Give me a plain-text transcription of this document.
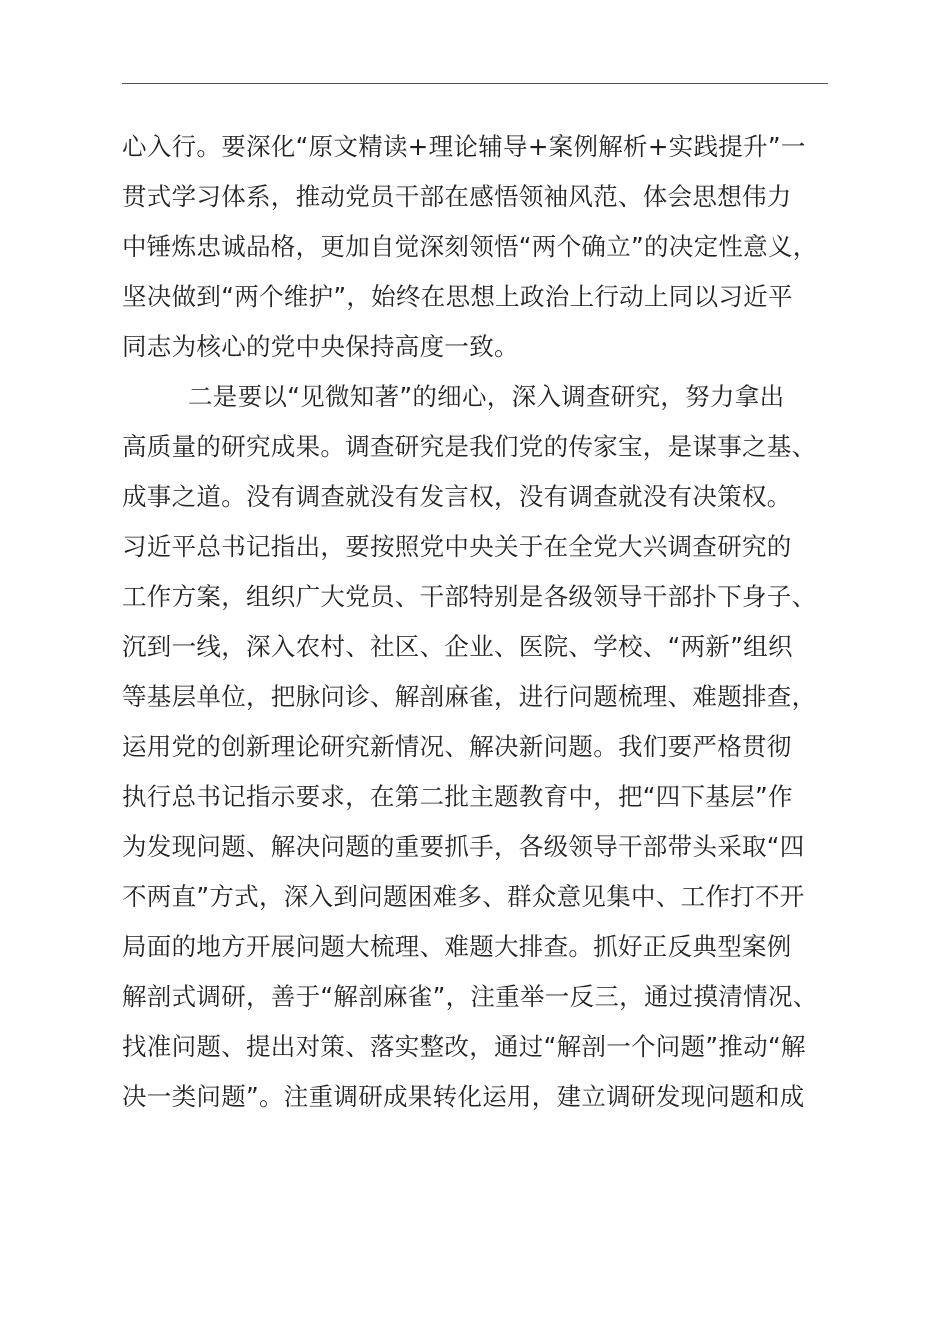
心入行。要深化“原文精读+理论辅导+案例解析+实践提升”一
贯式学习体系，推动党员干部在感悟领袖风范、体会思想伟力
中锤炼忠诚品格，更加自觉深刻领悟“两个确立”的决定性意义，
坚决做到“两个维护”，始终在思想上政治上行动上同以习近平
同志为核心的党中央保持高度一致。
二是要以“见微知著”的细心，深入调查研究，努力拿出
高质量的研究成果。调查研究是我们党的传家宝，是谋事之基、
成事之道。没有调查就没有发言权，没有调查就没有决策权。
习近平总书记指出，要按照党中央关于在全党大兴调查研究的
工作方案，组织广大党员、干部特别是各级领导干部扑下身子、
沉到一线，深入农村、社区、企业、医院、学校、“两新”组织
等基层单位，把脉问诊、解剖麻雀，进行问题梳理、难题排查，
运用党的创新理论研究新情况、解决新问题。我们要严格贯彻
执行总书记指示要求，在第二批主题教育中，把“四下基层”作
为发现问题、解决问题的重要抓手，各级领导干部带头采取“四
不两直”方式，深入到问题困难多、群众意见集中、工作打不开
局面的地方开展问题大梳理、难题大排查。抓好正反典型案例
解剖式调研，善于“解剖麻雀”，注重举一反三，通过摸清情况、
找准问题、提出对策、落实整改，通过“解剖一个问题”推动“解
决一类问题”。注重调研成果转化运用，建立调研发现问题和成
